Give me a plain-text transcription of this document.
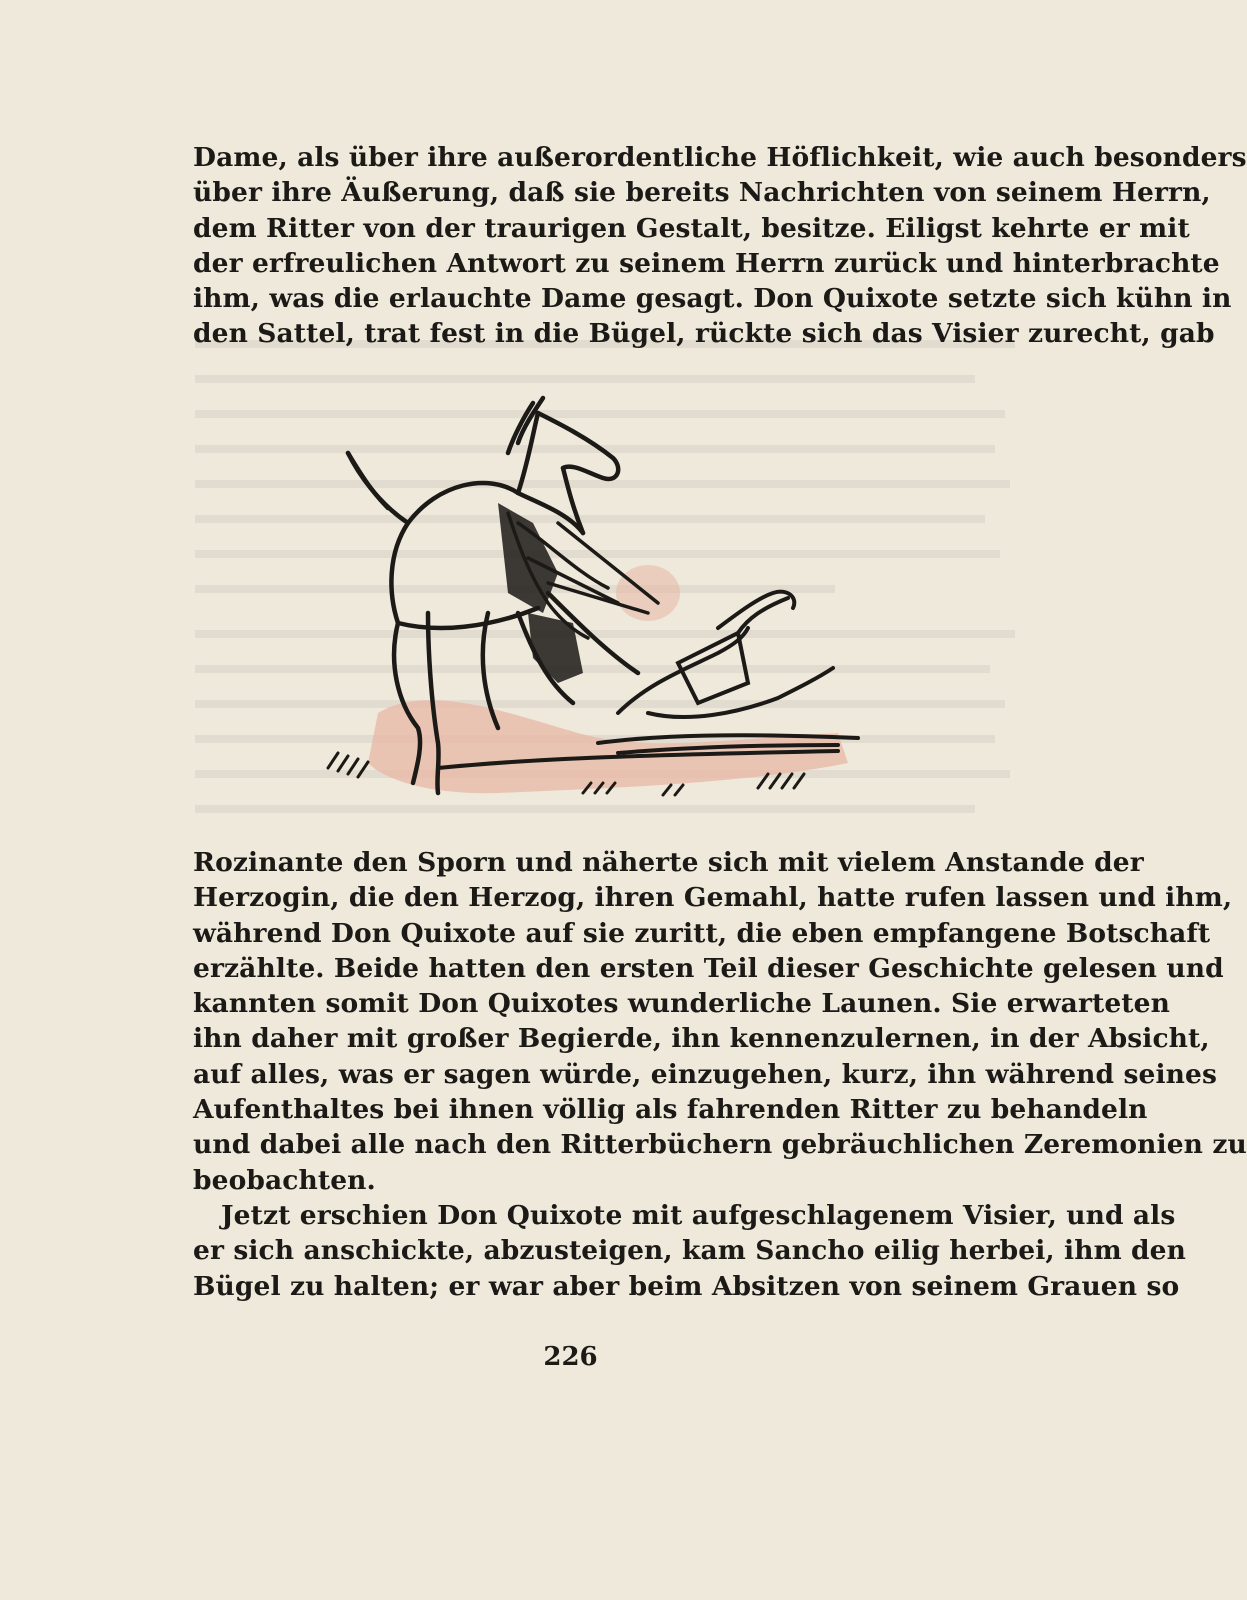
Dame, als über ihre außerordentliche Höflichkeit, wie auch besonders
über ihre Äußerung, daß sie bereits Nachrichten von seinem Herrn,
dem Ritter von der traurigen Gestalt, besitze. Eiligst kehrte er mit
der erfreulichen Antwort zu seinem Herrn zurück und hinterbrachte
ihm, was die erlauchte Dame gesagt. Don Quixote setzte sich kühn in
den Sattel, trat fest in die Bügel, rückte sich das Visier zurecht, gab
Rozinante den Sporn und näherte sich mit vielem Anstande der
Herzogin, die den Herzog, ihren Gemahl, hatte rufen lassen und ihm,
während Don Quixote auf sie zuritt, die eben empfangene Botschaft
erzählte. Beide hatten den ersten Teil dieser Geschichte gelesen und
kannten somit Don Quixotes wunderliche Launen. Sie erwarteten
ihn daher mit großer Begierde, ihn kennenzulernen, in der Absicht,
auf alles, was er sagen würde, einzugehen, kurz, ihn während seines
Aufenthaltes bei ihnen völlig als fahrenden Ritter zu behandeln
und dabei alle nach den Ritterbüchern gebräuchlichen Zeremonien zu
beobachten.
Jetzt erschien Don Quixote mit aufgeschlagenem Visier, und als
er sich anschickte, abzusteigen, kam Sancho eilig herbei, ihm den
Bügel zu halten; er war aber beim Absitzen von seinem Grauen so
226
